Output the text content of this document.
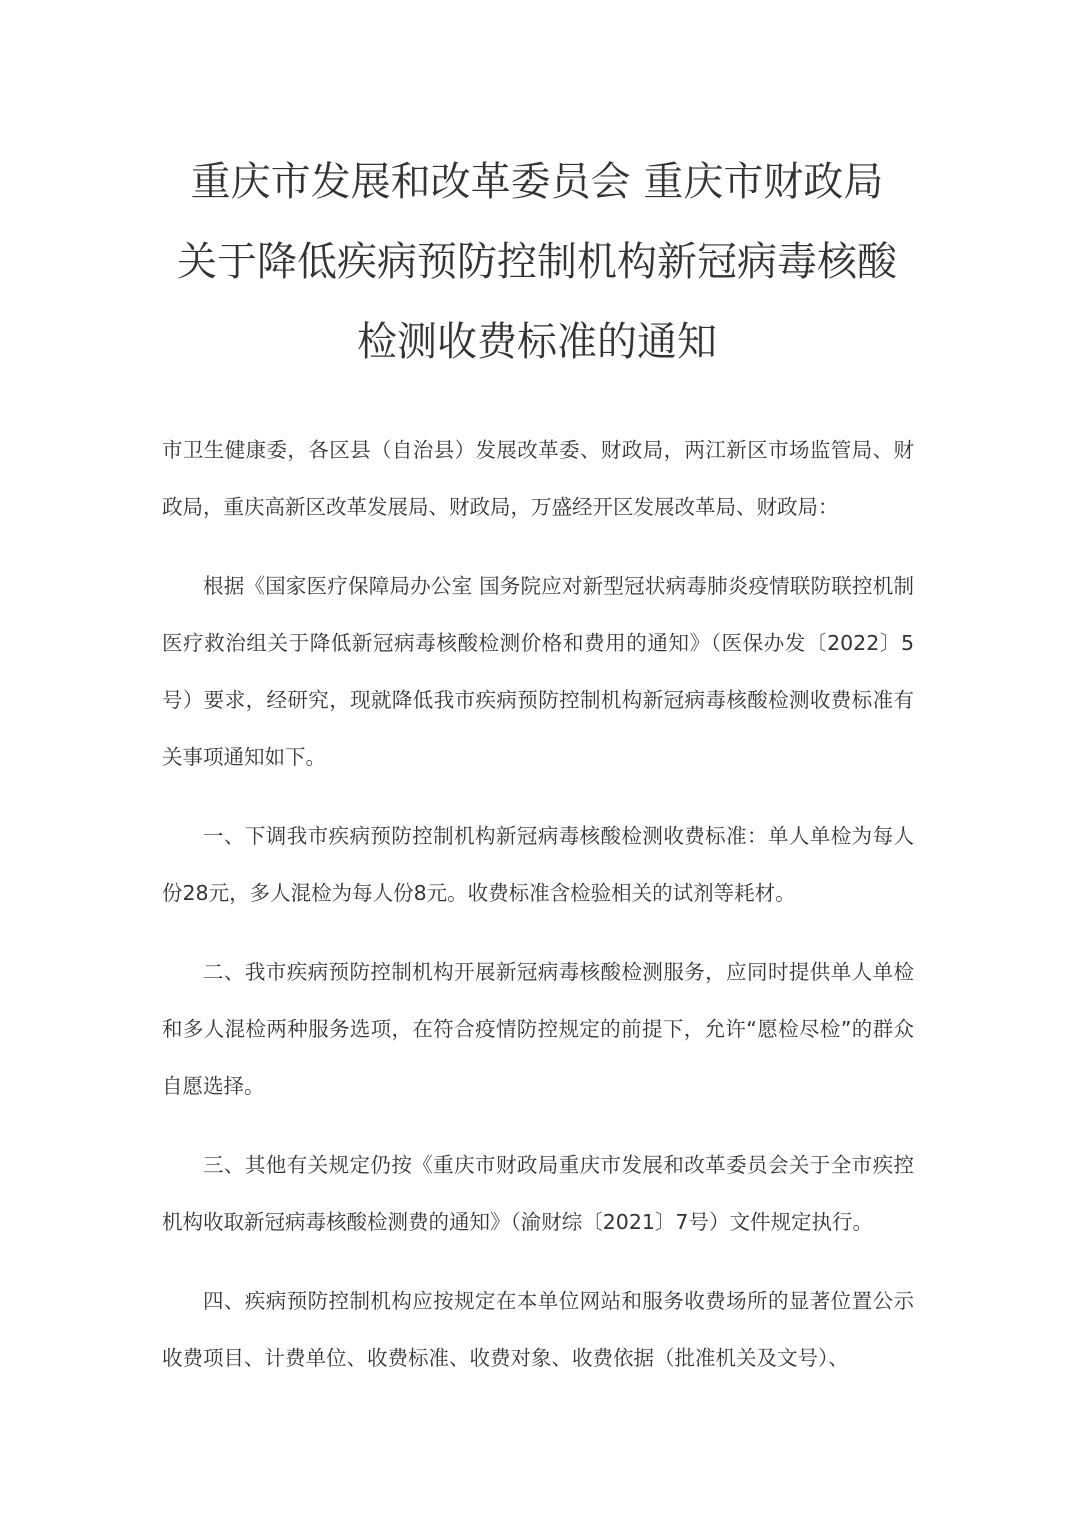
重庆市发展和改革委员会 重庆市财政局
关于降低疾病预防控制机构新冠病毒核酸
检测收费标准的通知

市卫生健康委，各区县（自治县）发展改革委、财政局，两江新区市场监管局、财政局，重庆高新区改革发展局、财政局，万盛经开区发展改革局、财政局：

根据《国家医疗保障局办公室 国务院应对新型冠状病毒肺炎疫情联防联控机制医疗救治组关于降低新冠病毒核酸检测价格和费用的通知》（医保办发〔2022〕5号）要求，经研究，现就降低我市疾病预防控制机构新冠病毒核酸检测收费标准有关事项通知如下。

一、下调我市疾病预防控制机构新冠病毒核酸检测收费标准：单人单检为每人份28元，多人混检为每人份8元。收费标准含检验相关的试剂等耗材。

二、我市疾病预防控制机构开展新冠病毒核酸检测服务，应同时提供单人单检和多人混检两种服务选项，在符合疫情防控规定的前提下，允许“愿检尽检”的群众自愿选择。

三、其他有关规定仍按《重庆市财政局重庆市发展和改革委员会关于全市疾控机构收取新冠病毒核酸检测费的通知》（渝财综〔2021〕7号）文件规定执行。

四、疾病预防控制机构应按规定在本单位网站和服务收费场所的显著位置公示收费项目、计费单位、收费标准、收费对象、收费依据（批准机关及文号）、
